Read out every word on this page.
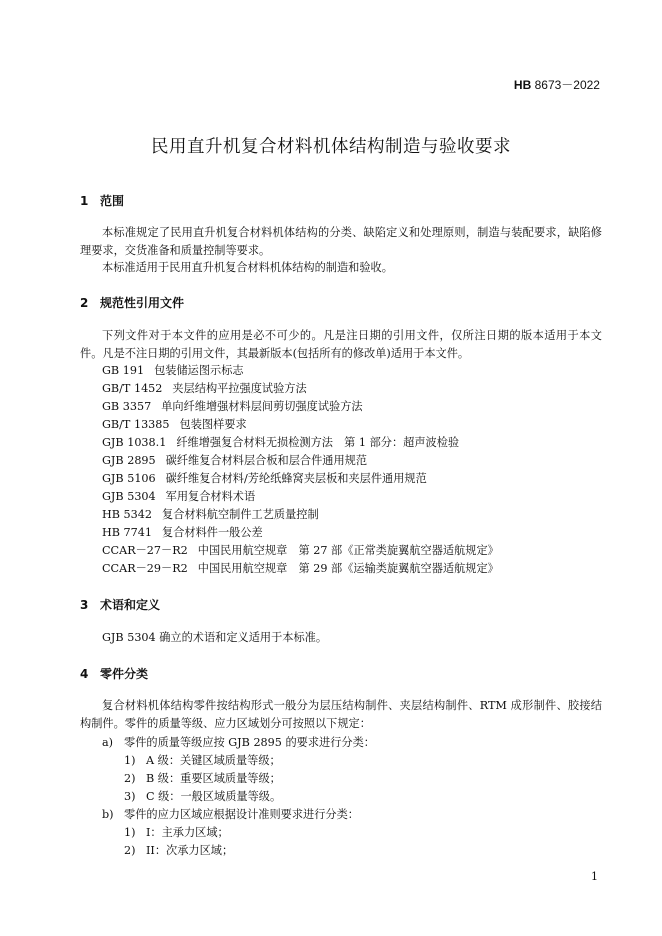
HB 8673－2022
民用直升机复合材料机体结构制造与验收要求
1 范围
本标准规定了民用直升机复合材料机体结构的分类、缺陷定义和处理原则，制造与装配要求，缺陷修理要求，交货准备和质量控制等要求。
本标准适用于民用直升机复合材料机体结构的制造和验收。
2 规范性引用文件
下列文件对于本文件的应用是必不可少的。凡是注日期的引用文件，仅所注日期的版本适用于本文件。凡是不注日期的引用文件，其最新版本(包括所有的修改单)适用于本文件。
GB 191 包装储运图示标志
GB/T 1452 夹层结构平拉强度试验方法
GB 3357 单向纤维增强材料层间剪切强度试验方法
GB/T 13385 包装图样要求
GJB 1038.1 纤维增强复合材料无损检测方法　第 1 部分：超声波检验
GJB 2895 碳纤维复合材料层合板和层合件通用规范
GJB 5106 碳纤维复合材料/芳纶纸蜂窝夹层板和夹层件通用规范
GJB 5304 军用复合材料术语
HB 5342 复合材料航空制件工艺质量控制
HB 7741 复合材料件一般公差
CCAR－27－R2 中国民用航空规章　第 27 部《正常类旋翼航空器适航规定》
CCAR－29－R2 中国民用航空规章　第 29 部《运输类旋翼航空器适航规定》
3 术语和定义
GJB 5304 确立的术语和定义适用于本标准。
4 零件分类
复合材料机体结构零件按结构形式一般分为层压结构制件、夹层结构制件、RTM 成形制件、胶接结构制件。零件的质量等级、应力区域划分可按照以下规定：
a) 零件的质量等级应按 GJB 2895 的要求进行分类：
1) A 级：关键区域质量等级；
2) B 级：重要区域质量等级；
3) C 级：一般区域质量等级。
b) 零件的应力区域应根据设计准则要求进行分类：
1) I：主承力区域；
2) II：次承力区域；
1
